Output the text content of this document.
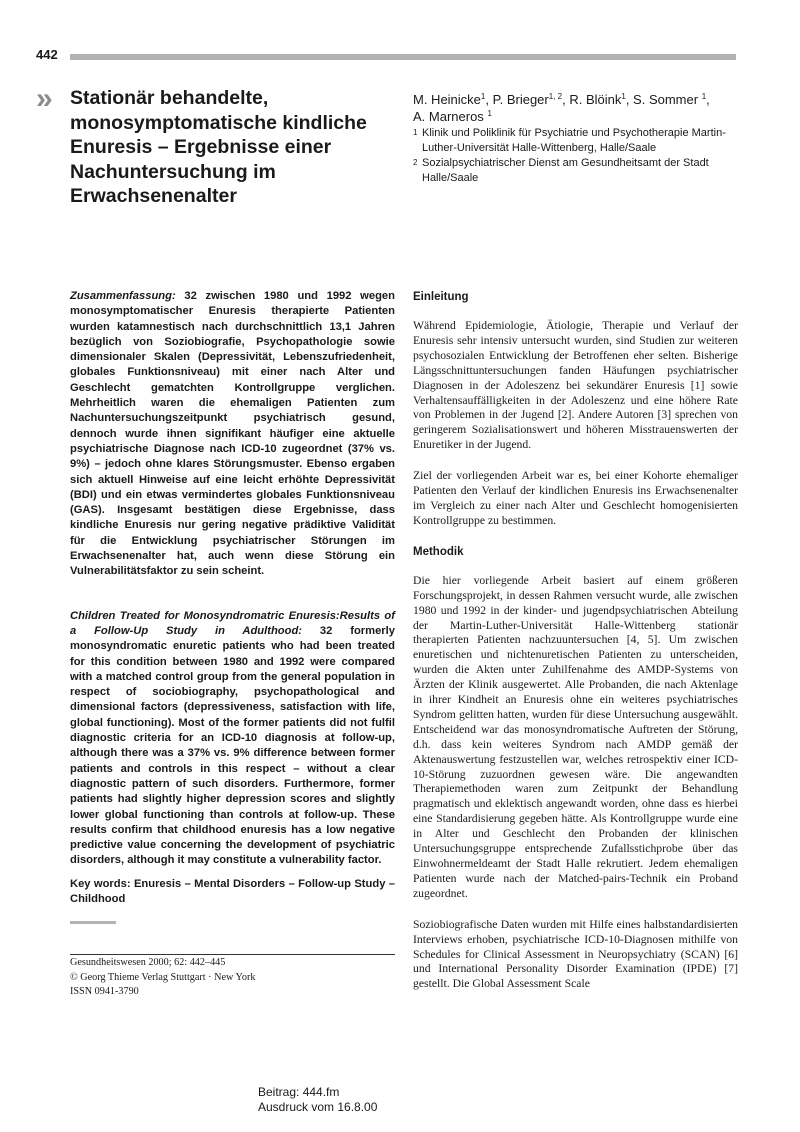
442
» Stationär behandelte, monosymptomatische kindliche Enuresis – Ergebnisse einer Nachuntersuchung im Erwachsenenalter
M. Heinicke$^1$, P. Brieger$^{1, 2}$, R. Blöink$^1$, S. Sommer $^1$,
A. Marneros $^1$
1 Klinik und Poliklinik für Psychiatrie und Psychotherapie Martin-Luther-Universität Halle-Wittenberg, Halle/Saale
2 Sozialpsychiatrischer Dienst am Gesundheitsamt der Stadt Halle/Saale

Zusammenfassung: 32 zwischen 1980 und 1992 wegen monosymptomatischer Enuresis therapierte Patienten wurden katamnestisch nach durchschnittlich 13,1 Jahren bezüglich von Soziobiografie, Psychopathologie sowie dimensionaler Skalen (Depressivität, Lebenszufriedenheit, globales Funktionsniveau) mit einer nach Alter und Geschlecht gematchten Kontrollgruppe verglichen. Mehrheitlich waren die ehemaligen Patienten zum Nachuntersuchungszeitpunkt psychiatrisch gesund, dennoch wurde ihnen signifikant häufiger eine aktuelle psychiatrische Diagnose nach ICD-10 zugeordnet (37% vs. 9%) – jedoch ohne klares Störungsmuster. Ebenso ergaben sich aktuell Hinweise auf eine leicht erhöhte Depressivität (BDI) und ein etwas vermindertes globales Funktionsniveau (GAS). Insgesamt bestätigen diese Ergebnisse, dass kindliche Enuresis nur gering negative prädiktive Validität für die Entwicklung psychiatrischer Störungen im Erwachsenenalter hat, auch wenn diese Störung ein Vulnerabilitätsfaktor zu sein scheint.

Children Treated for Monosyndromatric Enuresis:Results of a Follow-Up Study in Adulthood: 32 formerly monosyndromatic enuretic patients who had been treated for this condition between 1980 and 1992 were compared with a matched control group from the general population in respect of sociobiography, psychopathological and dimensional factors (depressiveness, satisfaction with life, global functioning). Most of the former patients did not fulfil diagnostic criteria for an ICD-10 diagnosis at follow-up, although there was a 37% vs. 9% difference between former patients and controls in this respect – without a clear diagnostic pattern of such disorders. Furthermore, former patients had slightly higher depression scores and slightly lower global functioning than controls at follow-up. These results confirm that childhood enuresis has a low negative predictive value concerning the development of psychiatric disorders, although it may constitute a vulnerability factor.

Key words: Enuresis – Mental Disorders – Follow-up Study – Childhood

Gesundheitswesen 2000; 62: 442–445
© Georg Thieme Verlag Stuttgart · New York
ISSN 0941-3790
Einleitung

Während Epidemiologie, Ätiologie, Therapie und Verlauf der Enuresis sehr intensiv untersucht wurden, sind Studien zur weiteren psychosozialen Entwicklung der Betroffenen eher selten. Bisherige Längsschnittuntersuchungen fanden Häufungen psychiatrischer Diagnosen in der Adoleszenz bei sekundärer Enuresis [1] sowie Verhaltensauffälligkeiten in der Adoleszenz und eine höhere Rate von Problemen in der Jugend [2]. Andere Autoren [3] sprechen von geringerem Sozialisationswert und höheren Misstrauenswerten der Enuretiker in der Jugend.

Ziel der vorliegenden Arbeit war es, bei einer Kohorte ehemaliger Patienten den Verlauf der kindlichen Enuresis ins Erwachsenenalter im Vergleich zu einer nach Alter und Geschlecht homogenisierten Kontrollgruppe zu bestimmen.

Methodik

Die hier vorliegende Arbeit basiert auf einem größeren Forschungsprojekt, in dessen Rahmen versucht wurde, alle zwischen 1980 und 1992 in der kinder- und jugendpsychiatrischen Abteilung der Martin-Luther-Universität Halle-Wittenberg stationär therapierten Patienten nachzuuntersuchen [4, 5]. Um zwischen enuretischen und nichtenuretischen Patienten zu unterscheiden, wurden die Akten unter Zuhilfenahme des AMDP-Systems von Ärzten der Klinik ausgewertet. Alle Probanden, die nach Aktenlage in ihrer Kindheit an Enuresis ohne ein weiteres psychiatrisches Syndrom gelitten hatten, wurden für diese Untersuchung ausgewählt. Entscheidend war das monosyndromatische Auftreten der Störung, d.h. dass kein weiteres Syndrom nach AMDP gemäß der Aktenauswertung festzustellen war, welches retrospektiv einer ICD-10-Störung zuzuordnen gewesen wäre. Die angewandten Therapiemethoden waren zum Zeitpunkt der Behandlung pragmatisch und eklektisch angewandt worden, ohne dass es hierbei eine Standardisierung gegeben hätte. Als Kontrollgruppe wurde eine in Alter und Geschlecht den Probanden der klinischen Untersuchungsgruppe entsprechende Zufallsstichprobe über das Einwohnermeldeamt der Stadt Halle rekrutiert. Jedem ehemaligen Patienten wurde nach der Matched-pairs-Technik ein Proband zugeordnet.

Soziobiografische Daten wurden mit Hilfe eines halbstandardisierten Interviews erhoben, psychiatrische ICD-10-Diagnosen mithilfe von Schedules for Clinical Assessment in Neuropsychiatry (SCAN) [6] und International Personality Disorder Examination (IPDE) [7] gestellt. Die Global Assessment Scale

Beitrag: 444.fm
Ausdruck vom 16.8.00
